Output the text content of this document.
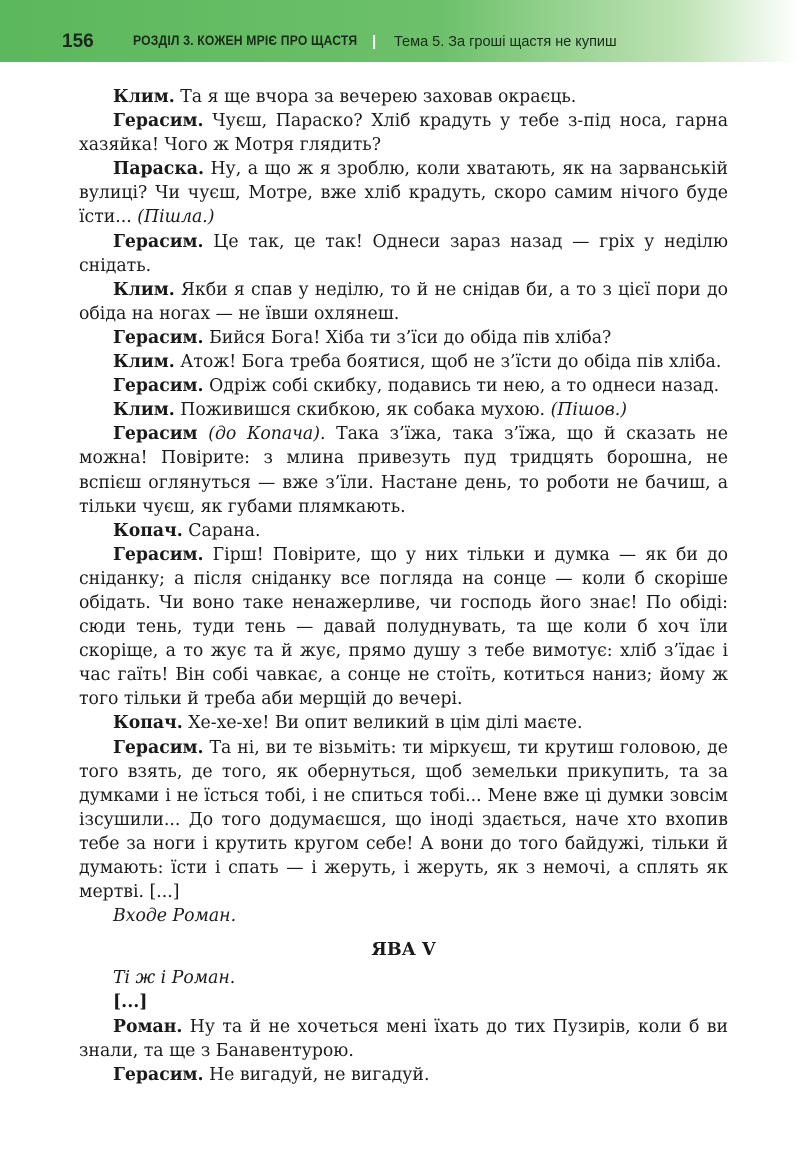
156	РОЗДІЛ 3. КОЖЕН МРІЄ ПРО ЩАСТЯ | Тема 5. За гроші щастя не купиш

Клим. Та я ще вчора за вечерею заховав окраєць.

Герасим. Чуєш, Параско? Хліб крадуть у тебе з-під носа, гарна хазяйка! Чого ж Мотря глядить?

Параска. Ну, а що ж я зроблю, коли хватають, як на зарванській вулиці? Чи чуєш, Мотре, вже хліб крадуть, скоро самим нічого буде їсти... (Пішла.)

Герасим. Це так, це так! Однеси зараз назад — гріх у неділю снідать.

Клим. Якби я спав у неділю, то й не снідав би, а то з цієї пори до обіда на ногах — не ївши охлянеш.

Герасим. Бийся Бога! Хіба ти з’їси до обіда пів хліба?

Клим. Атож! Бога треба боятися, щоб не з’їсти до обіда пів хліба.

Герасим. Одріж собі скибку, подавись ти нею, а то однеси назад.

Клим. Поживишся скибкою, як собака мухою. (Пішов.)

Герасим (до Копача). Така з’їжа, така з’їжа, що й сказать не можна! Повірите: з млина привезуть пуд тридцять борошна, не вспієш оглянуться — вже з’їли. Настане день, то роботи не бачиш, а тільки чуєш, як губами плямкають.

Копач. Сарана.

Герасим. Гірш! Повірите, що у них тільки и думка — як би до сніданку; а після сніданку все погляда на сонце — коли б скоріше обідать. Чи воно таке ненажерливе, чи господь його знає! По обіді: сюди тень, туди тень — давай полуднувать, та ще коли б хоч їли скоріще, а то жує та й жує, прямо душу з тебе вимотує: хліб з’їдає і час гаїть! Він собі чавкає, а сонце не стоїть, котиться наниз; йому ж того тільки й треба аби мерщій до вечері.

Копач. Хе-хе-хе! Ви опит великий в цім ділі маєте.

Герасим. Та ні, ви те візьміть: ти міркуєш, ти крутиш головою, де того взять, де того, як обернуться, щоб земельки прикупить, та за думками і не їсться тобі, і не спиться тобі... Мене вже ці думки зовсім ізсушили... До того додумаєшся, що іноді здається, наче хто вхопив тебе за ноги і крутить кругом себе! А вони до того байдужі, тільки й думають: їсти і спать — і жеруть, і жеруть, як з немочі, а сплять як мертві. [...]

Входе Роман.

ЯВА V

Ті ж і Роман.

[...]

Роман. Ну та й не хочеться мені їхать до тих Пузирів, коли б ви знали, та ще з Банавентурою.

Герасим. Не вигадуй, не вигадуй.
